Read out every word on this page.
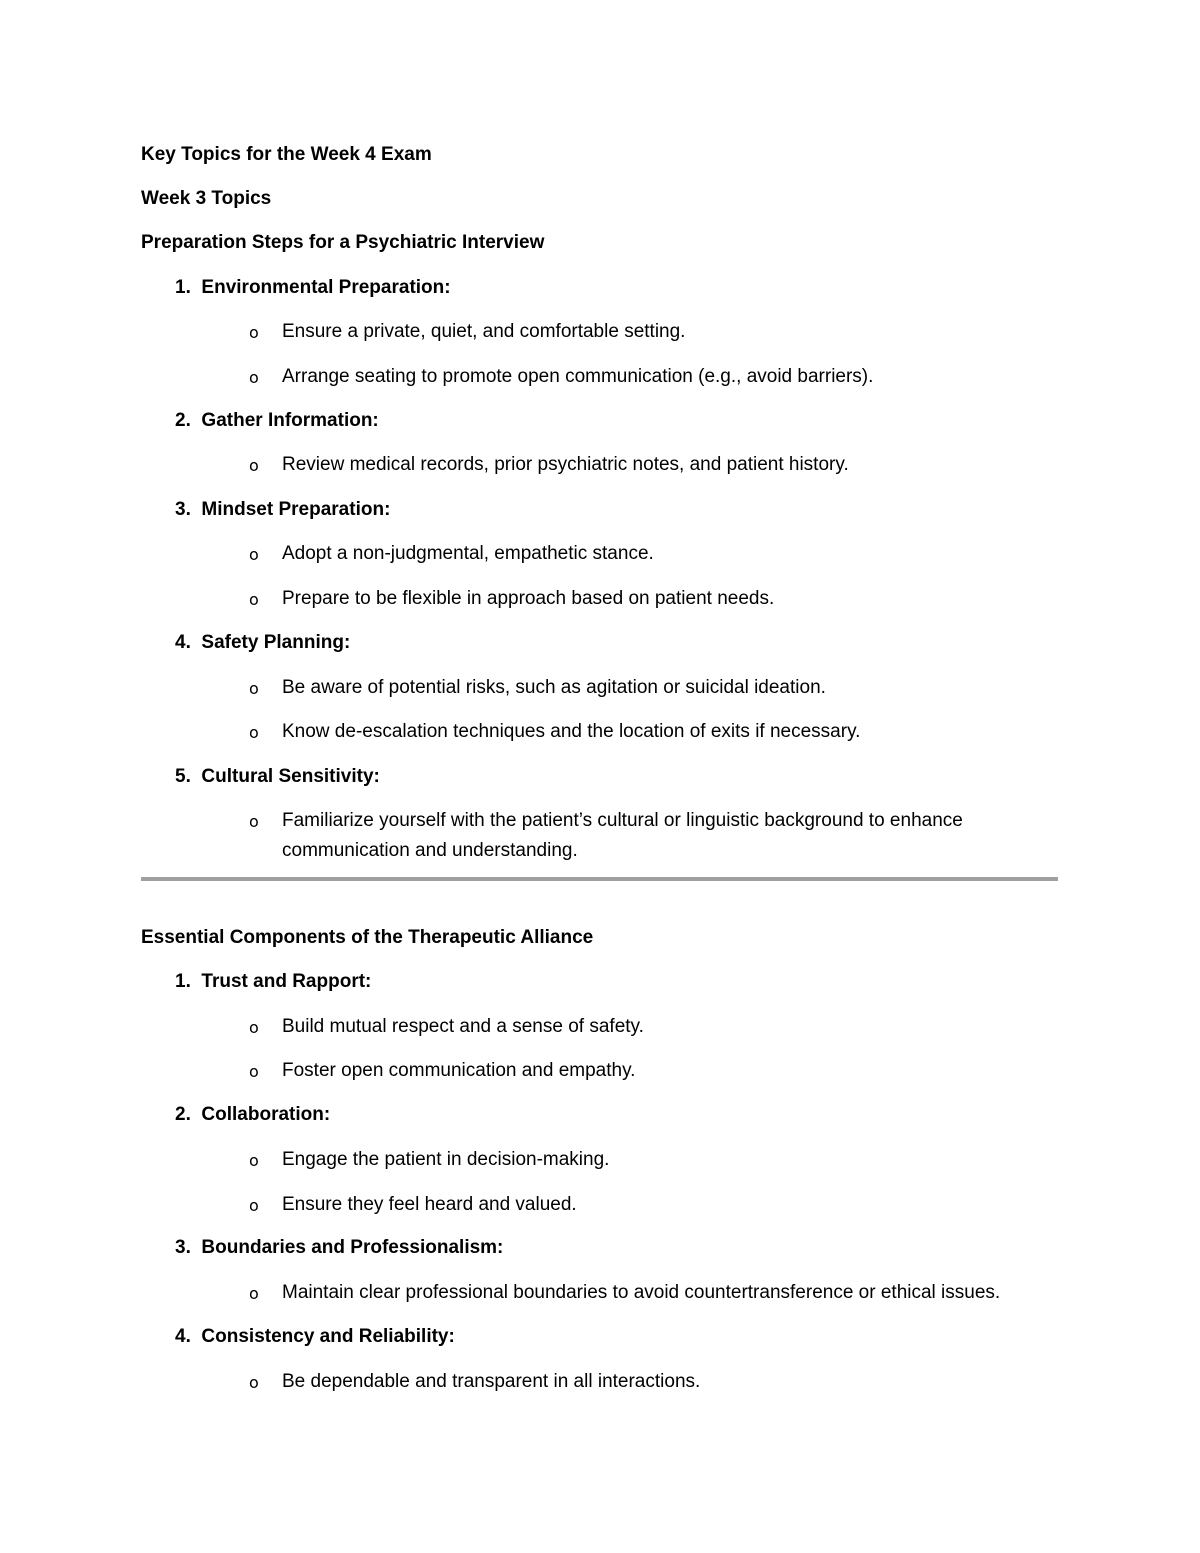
Key Topics for the Week 4 Exam
Week 3 Topics
Preparation Steps for a Psychiatric Interview
1. Environmental Preparation:
o Ensure a private, quiet, and comfortable setting.
o Arrange seating to promote open communication (e.g., avoid barriers).
2. Gather Information:
o Review medical records, prior psychiatric notes, and patient history.
3. Mindset Preparation:
o Adopt a non-judgmental, empathetic stance.
o Prepare to be flexible in approach based on patient needs.
4. Safety Planning:
o Be aware of potential risks, such as agitation or suicidal ideation.
o Know de-escalation techniques and the location of exits if necessary.
5. Cultural Sensitivity:
o Familiarize yourself with the patient’s cultural or linguistic background to enhance
communication and understanding.
Essential Components of the Therapeutic Alliance
1. Trust and Rapport:
o Build mutual respect and a sense of safety.
o Foster open communication and empathy.
2. Collaboration:
o Engage the patient in decision-making.
o Ensure they feel heard and valued.
3. Boundaries and Professionalism:
o Maintain clear professional boundaries to avoid countertransference or ethical issues.
4. Consistency and Reliability:
o Be dependable and transparent in all interactions.
